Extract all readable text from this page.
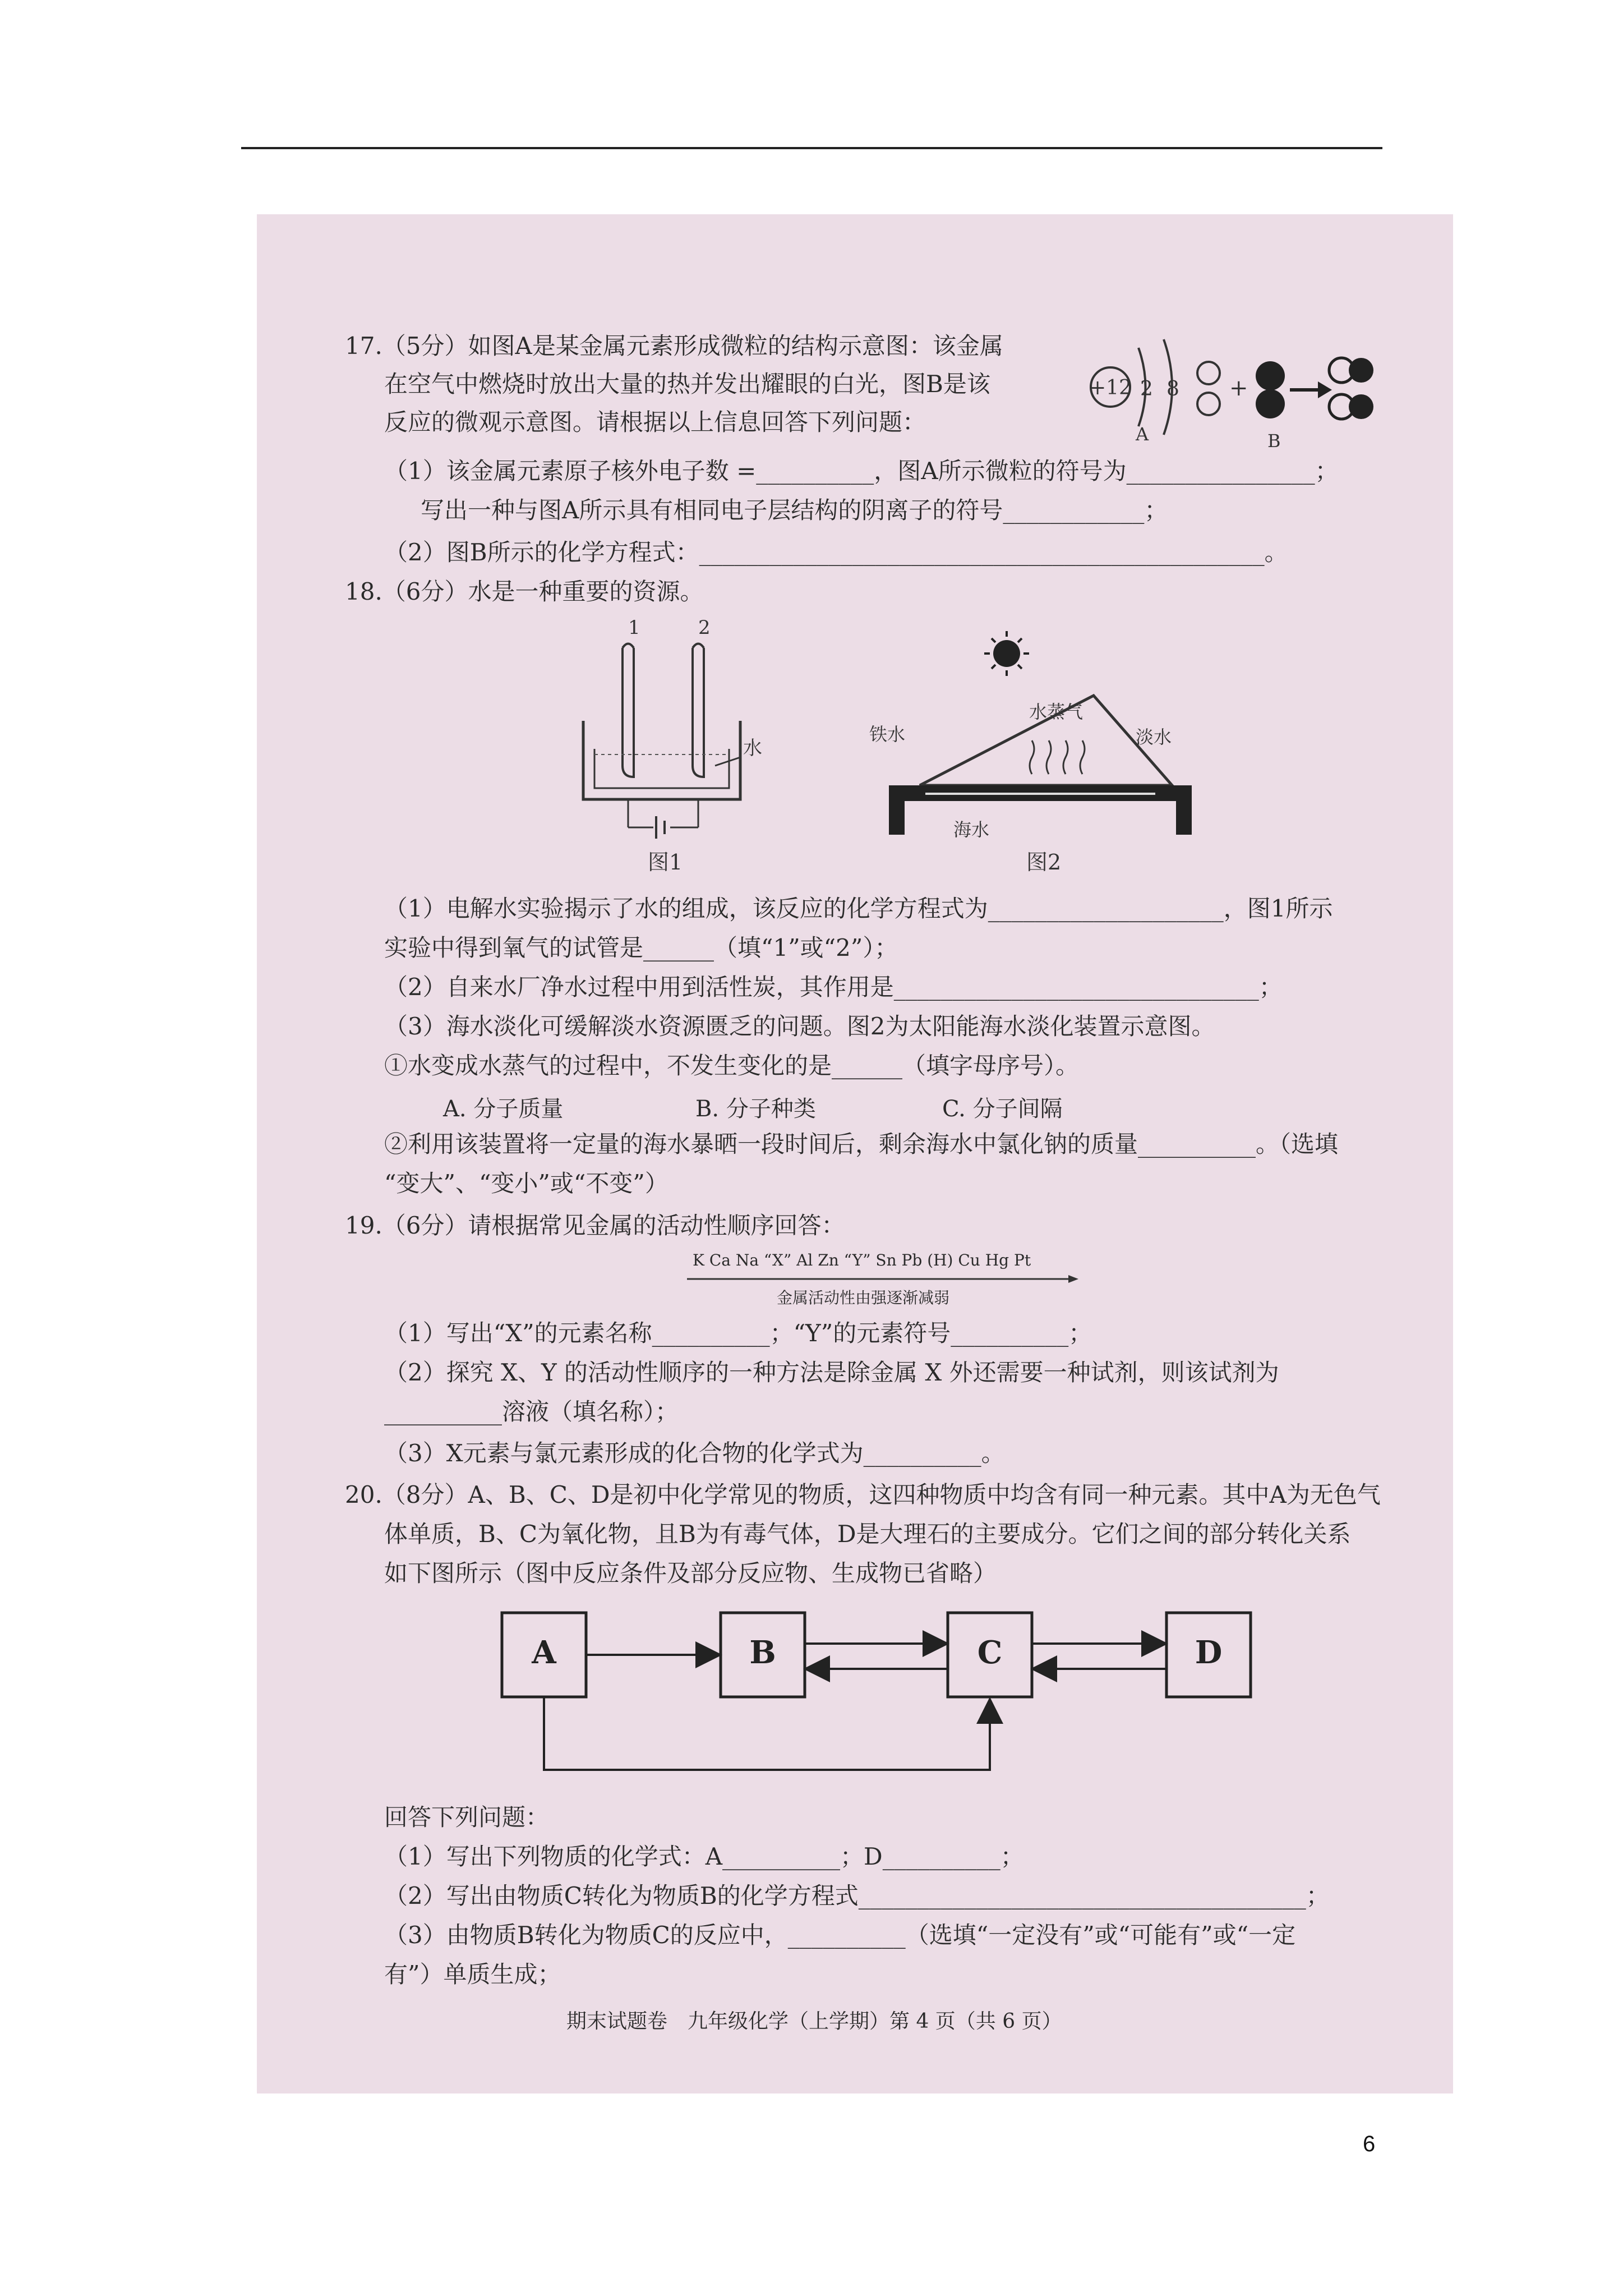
17.（5分）如图A是某金属元素形成微粒的结构示意图：该金属
在空气中燃烧时放出大量的热并发出耀眼的白光，图B是该
反应的微观示意图。请根据以上信息回答下列问题：
+12 2 8
A
+
B
（1）该金属元素原子核外电子数 =__________，图A所示微粒的符号为________________；
写出一种与图A所示具有相同电子层结构的阴离子的符号____________；
（2）图B所示的化学方程式：________________________________________________。
18.（6分）水是一种重要的资源。
1	2
水
图1
水蒸气
淡水
铁水
海水
图2
（1）电解水实验揭示了水的组成，该反应的化学方程式为____________________，图1所示
实验中得到氧气的试管是______（填“1”或“2”）；
（2）自来水厂净水过程中用到活性炭，其作用是_______________________________；
（3）海水淡化可缓解淡水资源匮乏的问题。图2为太阳能海水淡化装置示意图。
①水变成水蒸气的过程中，不发生变化的是______（填字母序号）。
A. 分子质量	B. 分子种类	C. 分子间隔
②利用该装置将一定量的海水暴晒一段时间后，剩余海水中氯化钠的质量__________。（选填
“变大”、“变小”或“不变”）
19.（6分）请根据常见金属的活动性顺序回答：
K Ca Na “X” Al Zn “Y” Sn Pb (H) Cu Hg Pt
金属活动性由强逐渐减弱
（1）写出“X”的元素名称__________；“Y”的元素符号__________；
（2）探究 X、Y 的活动性顺序的一种方法是除金属 X 外还需要一种试剂，则该试剂为
__________溶液（填名称）；
（3）X元素与氯元素形成的化合物的化学式为__________。
20.（8分）A、B、C、D是初中化学常见的物质，这四种物质中均含有同一种元素。其中A为无色气
体单质，B、C为氧化物，且B为有毒气体，D是大理石的主要成分。它们之间的部分转化关系
如下图所示（图中反应条件及部分反应物、生成物已省略）
A	B	C	D
回答下列问题：
（1）写出下列物质的化学式：A__________；D__________；
（2）写出由物质C转化为物质B的化学方程式______________________________________；
（3）由物质B转化为物质C的反应中，__________（选填“一定没有”或“可能有”或“一定
有”）单质生成；
期末试题卷　九年级化学（上学期）第 4 页（共 6 页）
6
